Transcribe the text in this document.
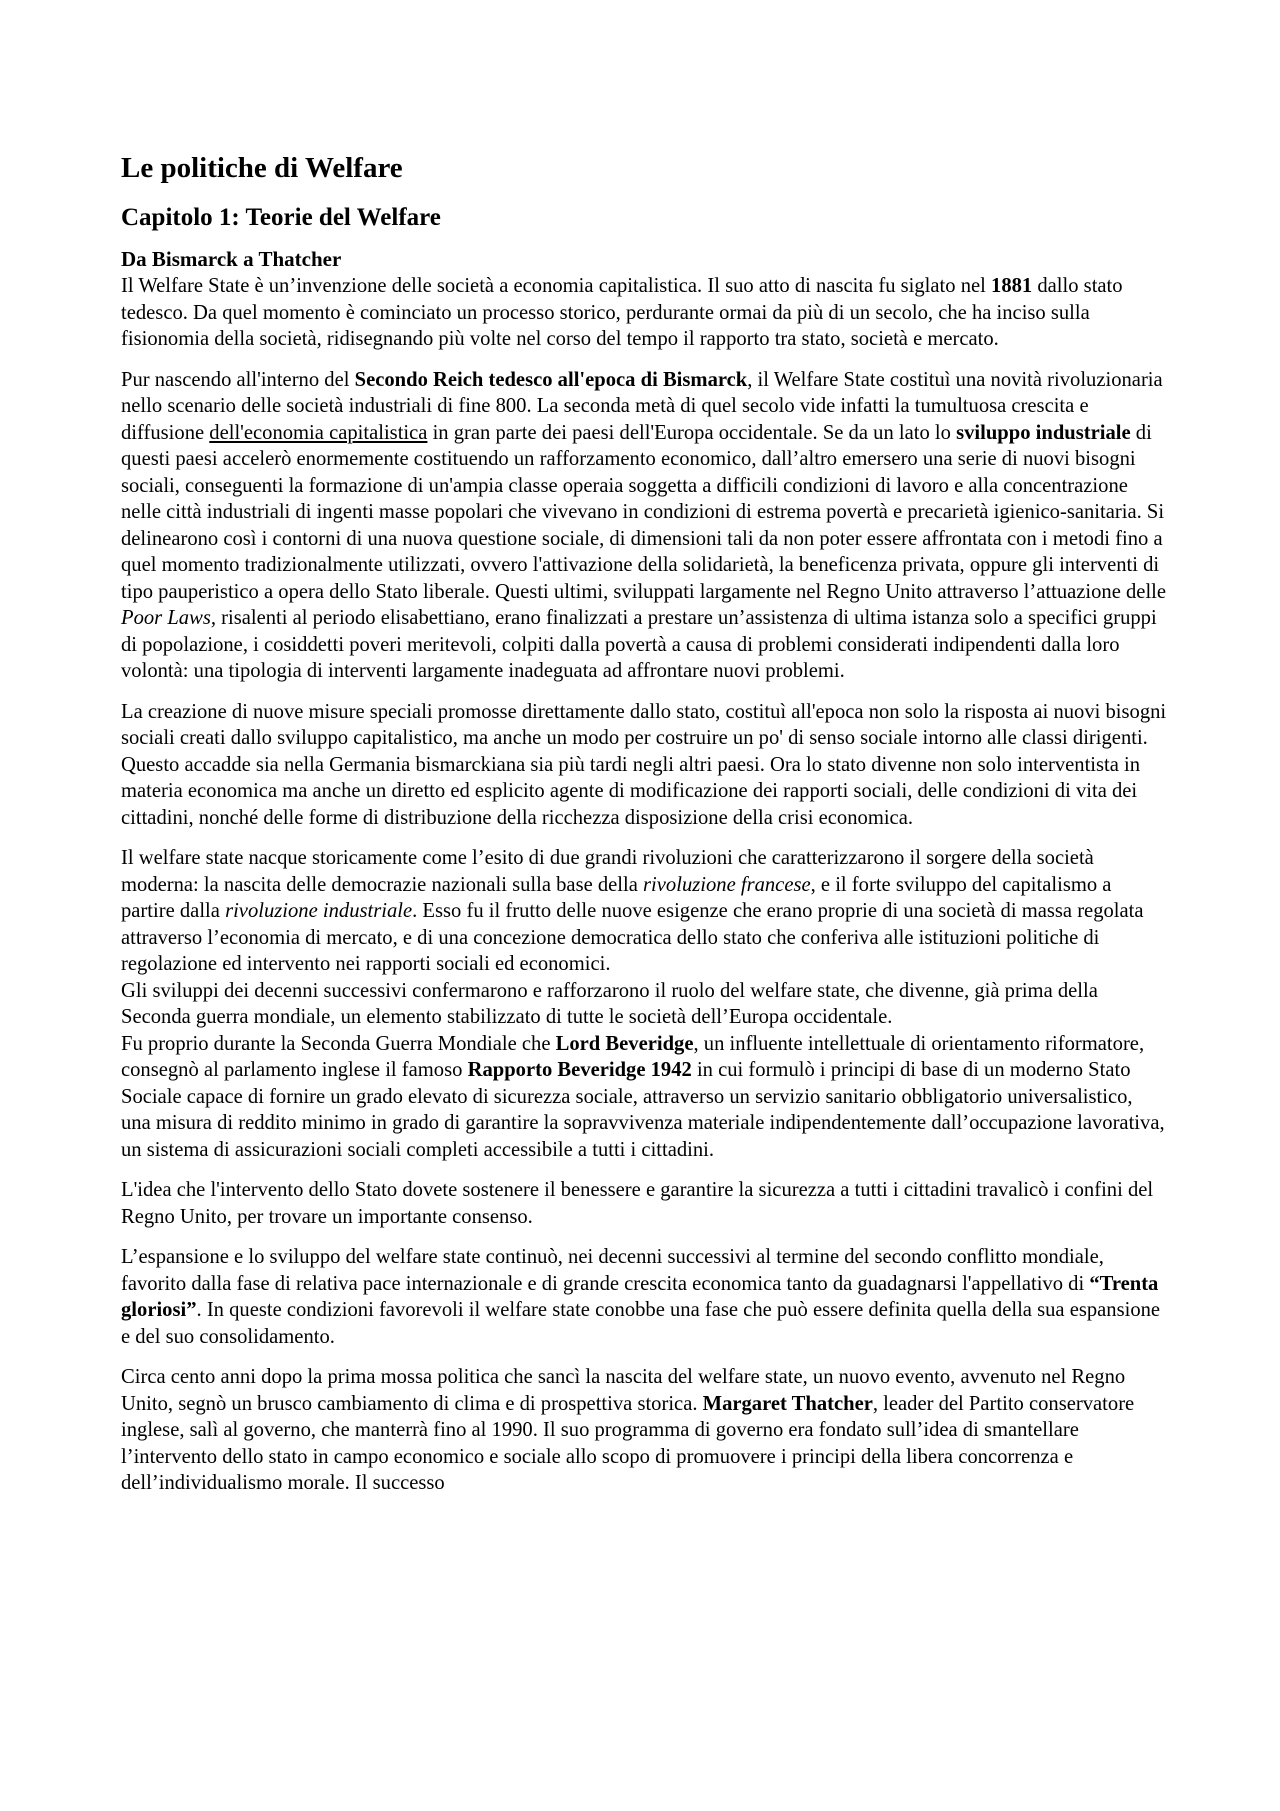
Le politiche di Welfare
Capitolo 1: Teorie del Welfare
Da Bismarck a Thatcher

Il Welfare State è un’invenzione delle società a economia capitalistica. Il suo atto di nascita fu siglato nel 1881 dallo stato tedesco. Da quel momento è cominciato un processo storico, perdurante ormai da più di un secolo, che ha inciso sulla fisionomia della società, ridisegnando più volte nel corso del tempo il rapporto tra stato, società e mercato.

Pur nascendo all'interno del Secondo Reich tedesco all'epoca di Bismarck, il Welfare State costituì una novità rivoluzionaria nello scenario delle società industriali di fine 800. La seconda metà di quel secolo vide infatti la tumultuosa crescita e diffusione dell'economia capitalistica in gran parte dei paesi dell'Europa occidentale. Se da un lato lo sviluppo industriale di questi paesi accelerò enormemente costituendo un rafforzamento economico, dall’altro emersero una serie di nuovi bisogni sociali, conseguenti la formazione di un'ampia classe operaia soggetta a difficili condizioni di lavoro e alla concentrazione nelle città industriali di ingenti masse popolari che vivevano in condizioni di estrema povertà e precarietà igienico-sanitaria. Si delinearono così i contorni di una nuova questione sociale, di dimensioni tali da non poter essere affrontata con i metodi fino a quel momento tradizionalmente utilizzati, ovvero l'attivazione della solidarietà, la beneficenza privata, oppure gli interventi di tipo pauperistico a opera dello Stato liberale. Questi ultimi, sviluppati largamente nel Regno Unito attraverso l’attuazione delle Poor Laws, risalenti al periodo elisabettiano, erano finalizzati a prestare un’assistenza di ultima istanza solo a specifici gruppi di popolazione, i cosiddetti poveri meritevoli, colpiti dalla povertà a causa di problemi considerati indipendenti dalla loro volontà: una tipologia di interventi largamente inadeguata ad affrontare nuovi problemi.

La creazione di nuove misure speciali promosse direttamente dallo stato, costituì all'epoca non solo la risposta ai nuovi bisogni sociali creati dallo sviluppo capitalistico, ma anche un modo per costruire un po' di senso sociale intorno alle classi dirigenti. Questo accadde sia nella Germania bismarckiana sia più tardi negli altri paesi. Ora lo stato divenne non solo interventista in materia economica ma anche un diretto ed esplicito agente di modificazione dei rapporti sociali, delle condizioni di vita dei cittadini, nonché delle forme di distribuzione della ricchezza disposizione della crisi economica.

Il welfare state nacque storicamente come l’esito di due grandi rivoluzioni che caratterizzarono il sorgere della società moderna: la nascita delle democrazie nazionali sulla base della rivoluzione francese, e il forte sviluppo del capitalismo a partire dalla rivoluzione industriale. Esso fu il frutto delle nuove esigenze che erano proprie di una società di massa regolata attraverso l’economia di mercato, e di una concezione democratica dello stato che conferiva alle istituzioni politiche di regolazione ed intervento nei rapporti sociali ed economici.

Gli sviluppi dei decenni successivi confermarono e rafforzarono il ruolo del welfare state, che divenne, già prima della Seconda guerra mondiale, un elemento stabilizzato di tutte le società dell’Europa occidentale.

Fu proprio durante la Seconda Guerra Mondiale che Lord Beveridge, un influente intellettuale di orientamento riformatore, consegnò al parlamento inglese il famoso Rapporto Beveridge 1942 in cui formulò i principi di base di un moderno Stato Sociale capace di fornire un grado elevato di sicurezza sociale, attraverso un servizio sanitario obbligatorio universalistico, una misura di reddito minimo in grado di garantire la sopravvivenza materiale indipendentemente dall’occupazione lavorativa, un sistema di assicurazioni sociali completi accessibile a tutti i cittadini.

L'idea che l'intervento dello Stato dovete sostenere il benessere e garantire la sicurezza a tutti i cittadini travalicò i confini del Regno Unito, per trovare un importante consenso.

L’espansione e lo sviluppo del welfare state continuò, nei decenni successivi al termine del secondo conflitto mondiale, favorito dalla fase di relativa pace internazionale e di grande crescita economica tanto da guadagnarsi l'appellativo di “Trenta gloriosi”. In queste condizioni favorevoli il welfare state conobbe una fase che può essere definita quella della sua espansione e del suo consolidamento.

Circa cento anni dopo la prima mossa politica che sancì la nascita del welfare state, un nuovo evento, avvenuto nel Regno Unito, segnò un brusco cambiamento di clima e di prospettiva storica. Margaret Thatcher, leader del Partito conservatore inglese, salì al governo, che manterrà fino al 1990. Il suo programma di governo era fondato sull’idea di smantellare l’intervento dello stato in campo economico e sociale allo scopo di promuovere i principi della libera concorrenza e dell’individualismo morale. Il successo
